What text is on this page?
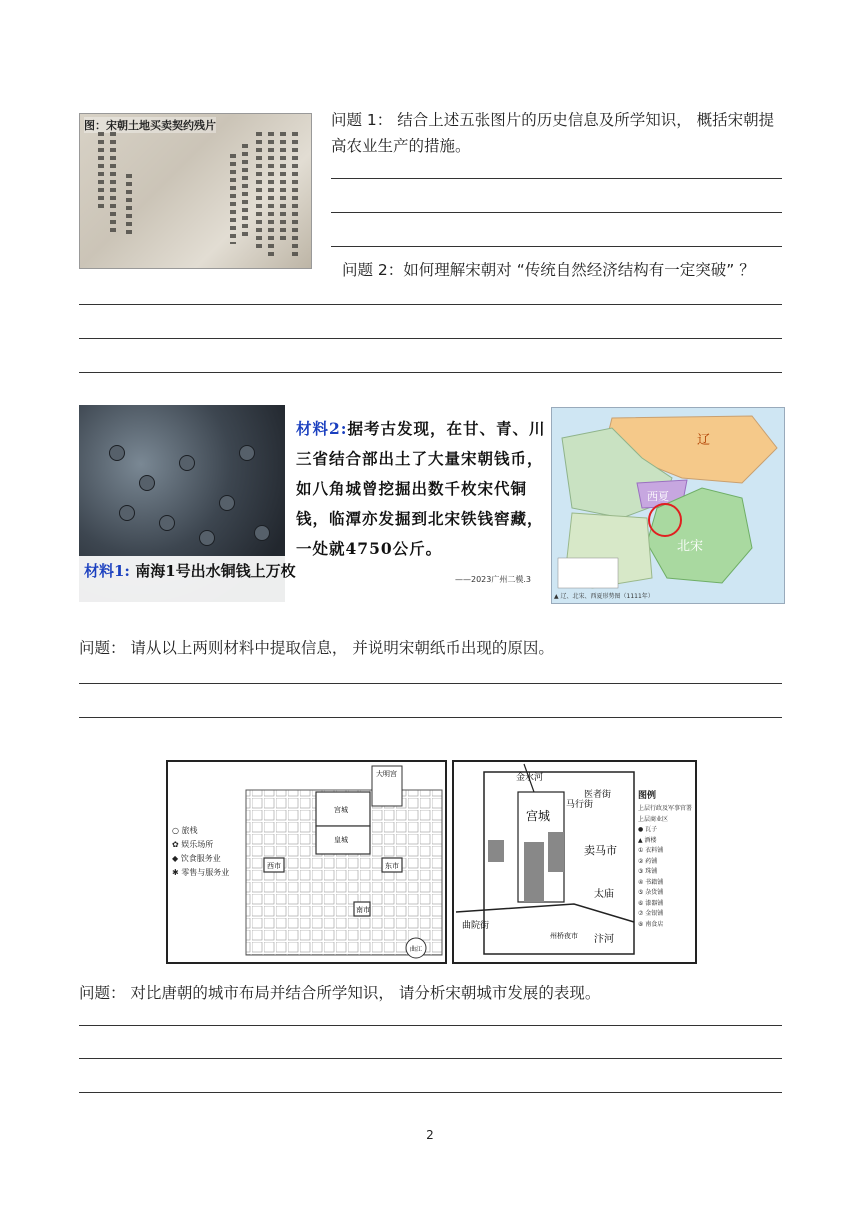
图：宋朝土地买卖契约残片	问题 1： 结合上述五张图片的历史信息及所学知识， 概括宋朝提高农业生产的措施。
问题 2：如何理解宋朝对 “传统自然经济结构有一定突破” ？
材料1: 南海1号出水铜钱上万枚
材料2:据考古发现，在甘、青、川三省结合部出土了大量宋朝钱币，如八角城曾挖掘出数千枚宋代铜钱，临潭亦发掘到北宋铁钱窖藏，一处就4750公斤。
——2023广州二模.3
辽
西夏
北宋
▲ 辽、北宋、西夏形势图（1111年）
问题： 请从以上两则材料中提取信息， 并说明宋朝纸币出现的原因。
大明宫
宫城
皇城
西市	东市
南市
曲江
○ 旅栈
✿ 娱乐场所
◆ 饮食服务业
✱ 零售与服务业
金水河
宫城
马行街
医者街
卖马市
太庙
汴河
曲院街
州桥夜市
图例
上层行政及军事官署
上层商业区
● 瓦子
▲ 酒楼
① 衣料铺
② 药铺
③ 珠铺
④ 书籍铺
⑤ 杂货铺
⑥ 漆器铺
⑦ 金银铺
⑧ 南食店
问题： 对比唐朝的城市布局并结合所学知识， 请分析宋朝城市发展的表现。
2
